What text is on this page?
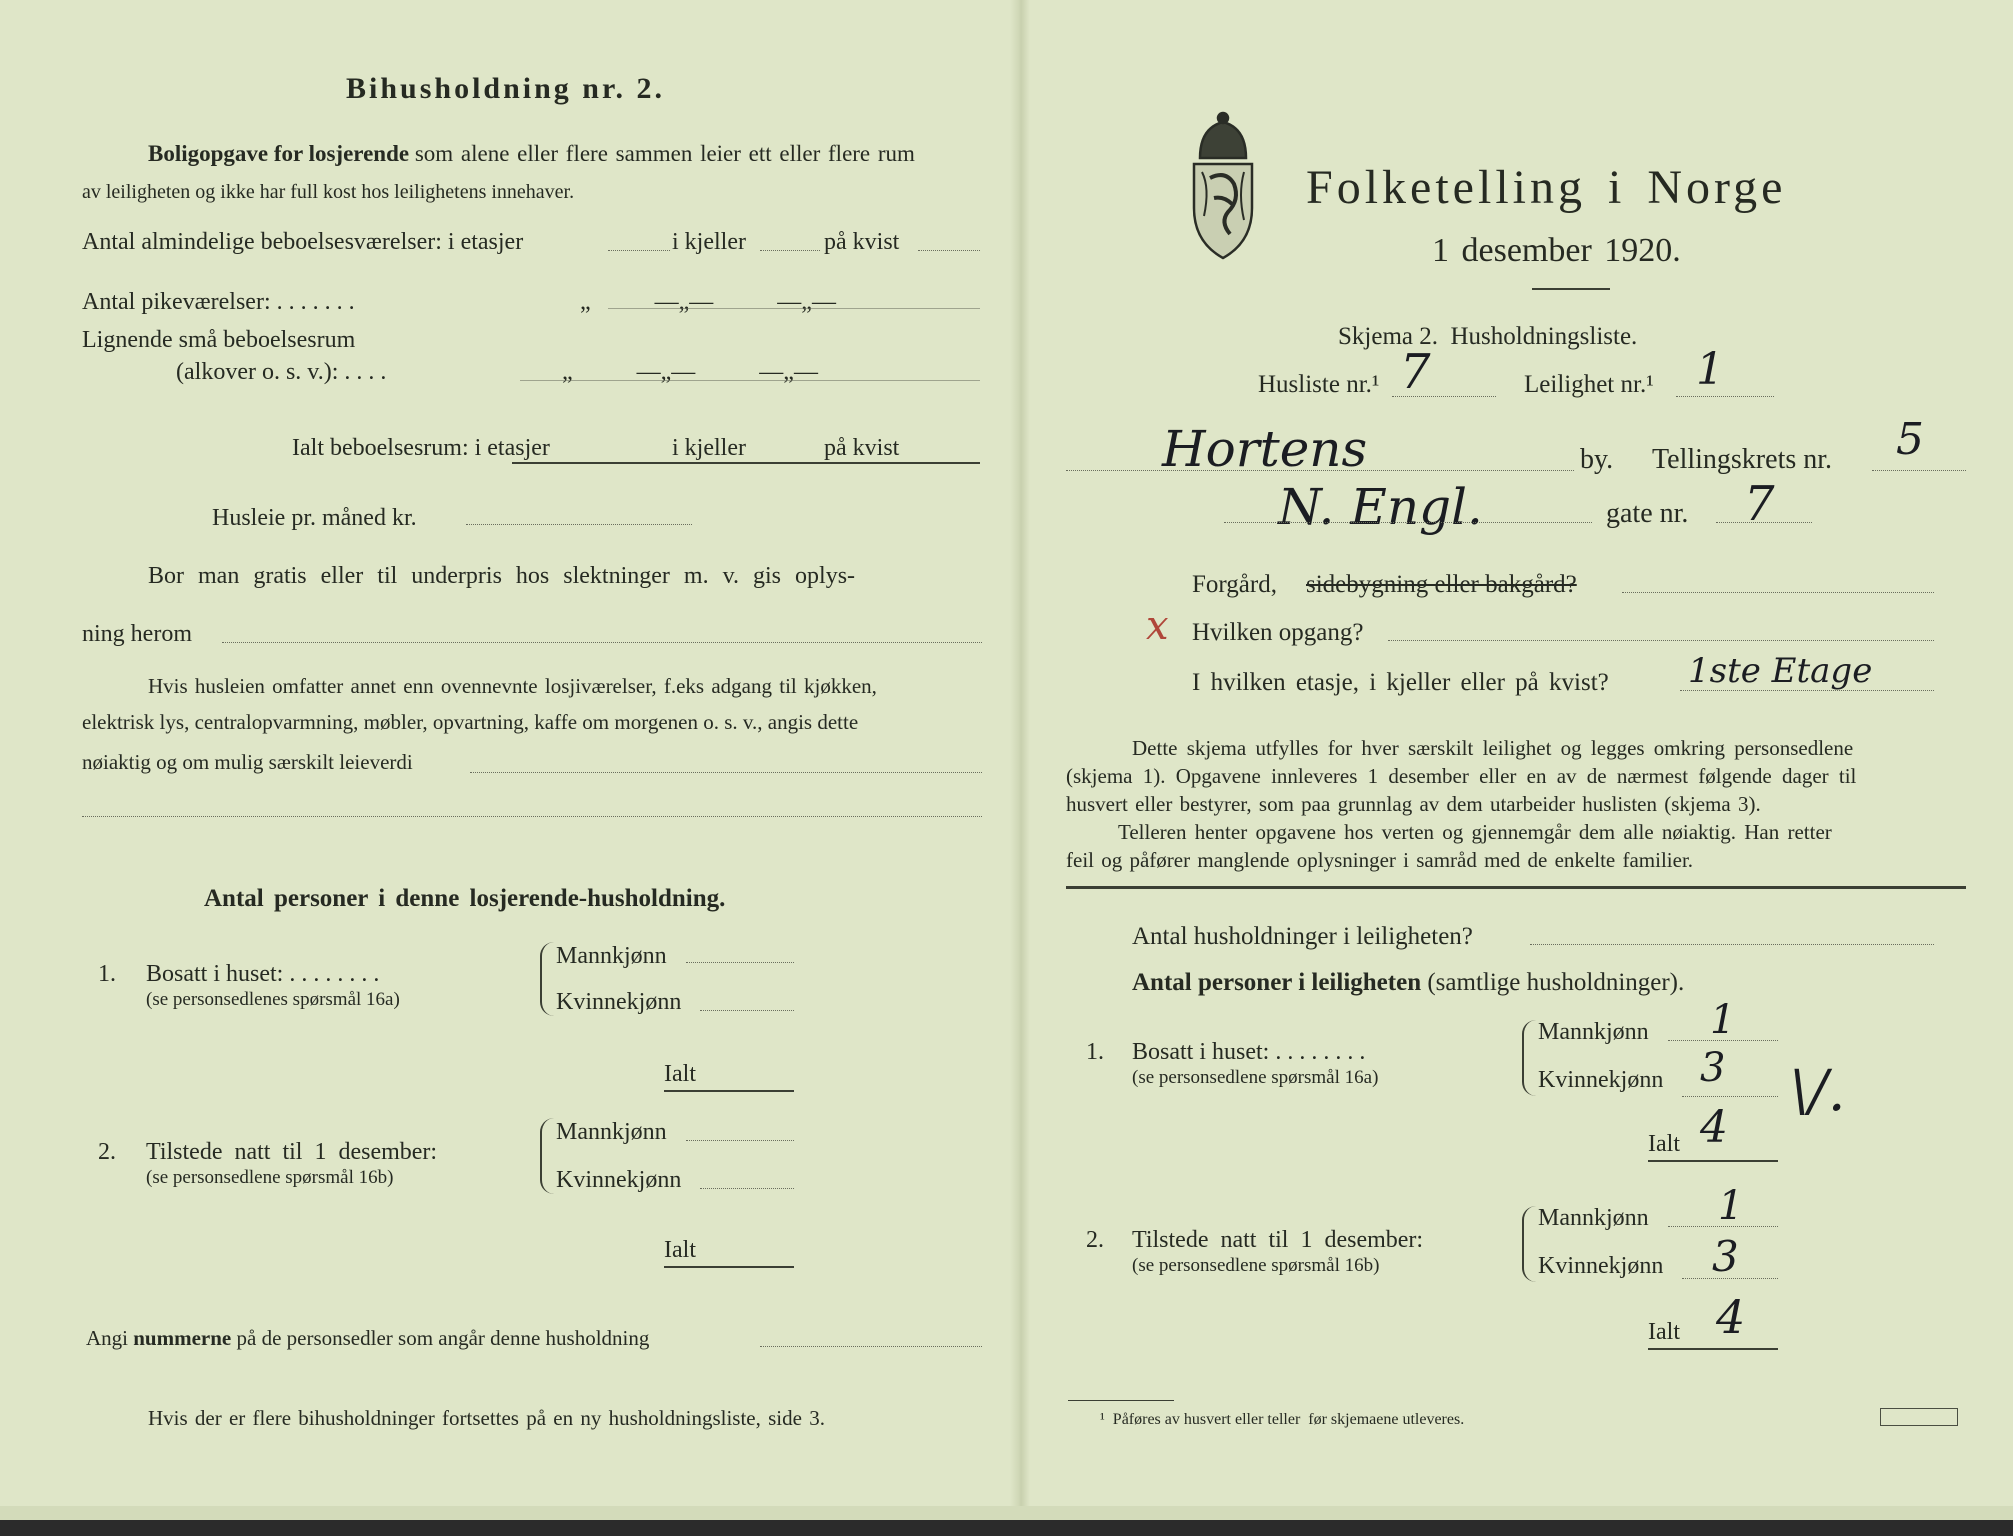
Bihusholdning nr. 2.
Boligopgave for losjerende som alene eller flere sammen leier ett eller flere rum
av leiligheten og ikke har full kost hos leilighetens innehaver.
Antal almindelige beboelsesværelser: i etasjer	i kjeller	på kvist
Antal pikeværelser: . . . . . . .	„ —„— —„—
Lignende små beboelsesrum
(alkover o. s. v.): . . . .	„ —„— —„—
Ialt beboelsesrum: i etasjer	i kjeller	på kvist
Husleie pr. måned kr.
Bor man gratis eller til underpris hos slektninger m. v. gis oplys-
ning herom
Hvis husleien omfatter annet enn ovennevnte losjiværelser, f.eks adgang til kjøkken,
elektrisk lys, centralopvarmning, møbler, opvartning, kaffe om morgenen o. s. v., angis dette
nøiaktig og om mulig særskilt leieverdi
Antal personer i denne losjerende-husholdning.
1. Bosatt i huset: . . . . . . . .
(se personsedlenes spørsmål 16a)
Mannkjønn
Kvinnekjønn
Ialt
2. Tilstede natt til 1 desember:
(se personsedlene spørsmål 16b)
Mannkjønn
Kvinnekjønn
Ialt
Angi nummerne på de personsedler som angår denne husholdning
Hvis der er flere bihusholdninger fortsettes på en ny husholdningsliste, side 3.
Folketelling i Norge
1 desember 1920.
Skjema 2.  Husholdningsliste.
Husliste nr.¹ 7	Leilighet nr.¹ 1
Hortens	by. Tellingskrets nr. 5
N. Engl.	gate nr. 7
Forgård, sidebygning eller bakgård?
x Hvilken opgang?
I hvilken etasje, i kjeller eller på kvist? 1ste Etage
Dette skjema utfylles for hver særskilt leilighet og legges omkring personsedlene
(skjema 1). Opgavene innleveres 1 desember eller en av de nærmest følgende dager til
husvert eller bestyrer, som paa grunnlag av dem utarbeider huslisten (skjema 3).
Telleren henter opgavene hos verten og gjennemgår dem alle nøiaktig. Han retter
feil og påfører manglende oplysninger i samråd med de enkelte familier.
Antal husholdninger i leiligheten?
Antal personer i leiligheten (samtlige husholdninger).
1. Bosatt i huset: . . . . . . . .
(se personsedlene spørsmål 16a)
Mannkjønn 1
Kvinnekjønn 3
Ialt 4
\/.
2. Tilstede natt til 1 desember:
(se personsedlene spørsmål 16b)
Mannkjønn 1
Kvinnekjønn 3
Ialt 4
¹  Påføres av husvert eller teller  før skjemaene utleveres.
